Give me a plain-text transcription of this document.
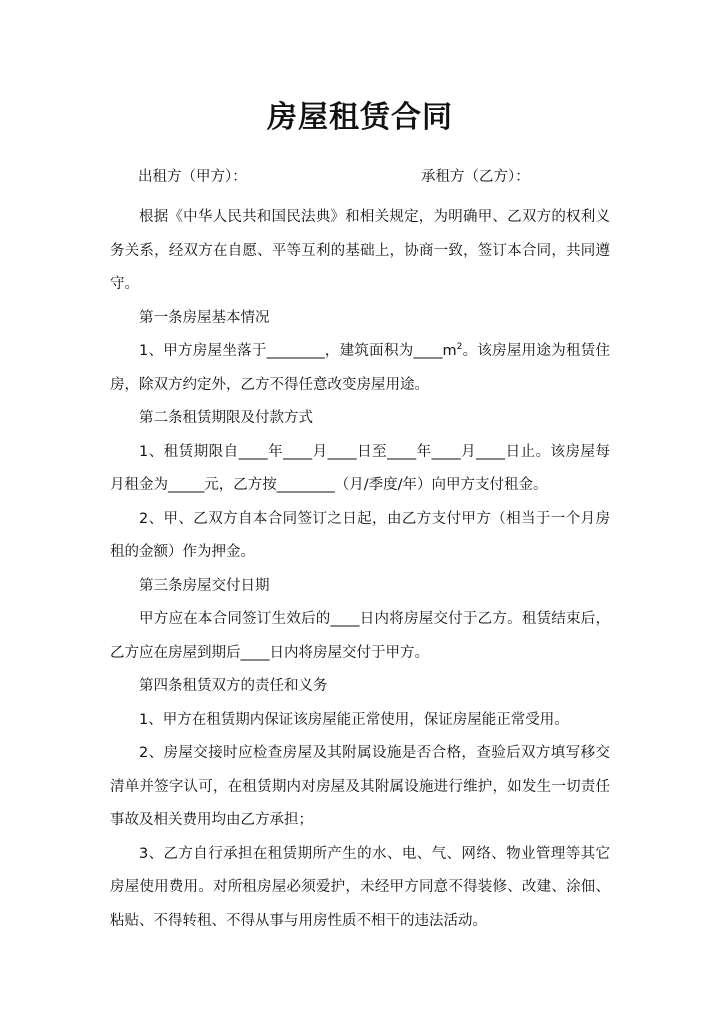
房屋租赁合同
出租方（甲方）：	承租方（乙方）：

根据《中华人民共和国民法典》和相关规定，为明确甲、乙双方的权利义务关系，经双方在自愿、平等互利的基础上，协商一致，签订本合同，共同遵守。

第一条房屋基本情况

1、甲方房屋坐落于________，建筑面积为$\_\_\_\_m^2$。该房屋用途为租赁住房，除双方约定外，乙方不得任意改变房屋用途。

第二条租赁期限及付款方式

1、租赁期限自____年____月____日至____年____月____日止。该房屋每月租金为_____元，乙方按________（月/季度/年）向甲方支付租金。

2、甲、乙双方自本合同签订之日起，由乙方支付甲方（相当于一个月房租的金额）作为押金。

第三条房屋交付日期

甲方应在本合同签订生效后的____日内将房屋交付于乙方。租赁结束后，乙方应在房屋到期后____日内将房屋交付于甲方。

第四条租赁双方的责任和义务

1、甲方在租赁期内保证该房屋能正常使用，保证房屋能正常受用。

2、房屋交接时应检查房屋及其附属设施是否合格，查验后双方填写移交清单并签字认可，在租赁期内对房屋及其附属设施进行维护，如发生一切责任事故及相关费用均由乙方承担；

3、乙方自行承担在租赁期所产生的水、电、气、网络、物业管理等其它房屋使用费用。对所租房屋必须爱护，未经甲方同意不得装修、改建、涂佃、粘贴、不得转租、不得从事与用房性质不相干的违法活动。
